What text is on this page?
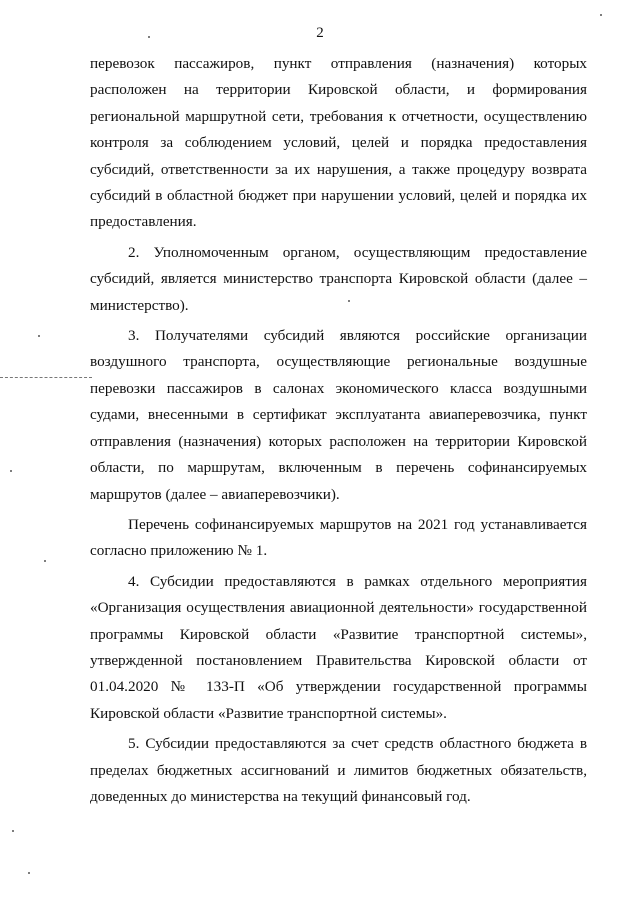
2

перевозок пассажиров, пункт отправления (назначения) которых расположен на территории Кировской области, и формирования региональной маршрутной сети, требования к отчетности, осуществлению контроля за соблюдением условий, целей и порядка предоставления субсидий, ответственности за их нарушения, а также процедуру возврата субсидий в областной бюджет при нарушении условий, целей и порядка их предоставления.

2. Уполномоченным органом, осуществляющим предоставление субсидий, является министерство транспорта Кировской области (далее – министерство).

3. Получателями субсидий являются российские организации воздушного транспорта, осуществляющие региональные воздушные перевозки пассажиров в салонах экономического класса воздушными судами, внесенными в сертификат эксплуатанта авиаперевозчика, пункт отправления (назначения) которых расположен на территории Кировской области, по маршрутам, включенным в перечень софинансируемых маршрутов (далее – авиаперевозчики).

Перечень софинансируемых маршрутов на 2021 год устанавливается согласно приложению № 1.

4. Субсидии предоставляются в рамках отдельного мероприятия «Организация осуществления авиационной деятельности» государственной программы Кировской области «Развитие транспортной системы», утвержденной постановлением Правительства Кировской области от 01.04.2020 № 133-П «Об утверждении государственной программы Кировской области «Развитие транспортной системы».

5. Субсидии предоставляются за счет средств областного бюджета в пределах бюджетных ассигнований и лимитов бюджетных обязательств, доведенных до министерства на текущий финансовый год.
